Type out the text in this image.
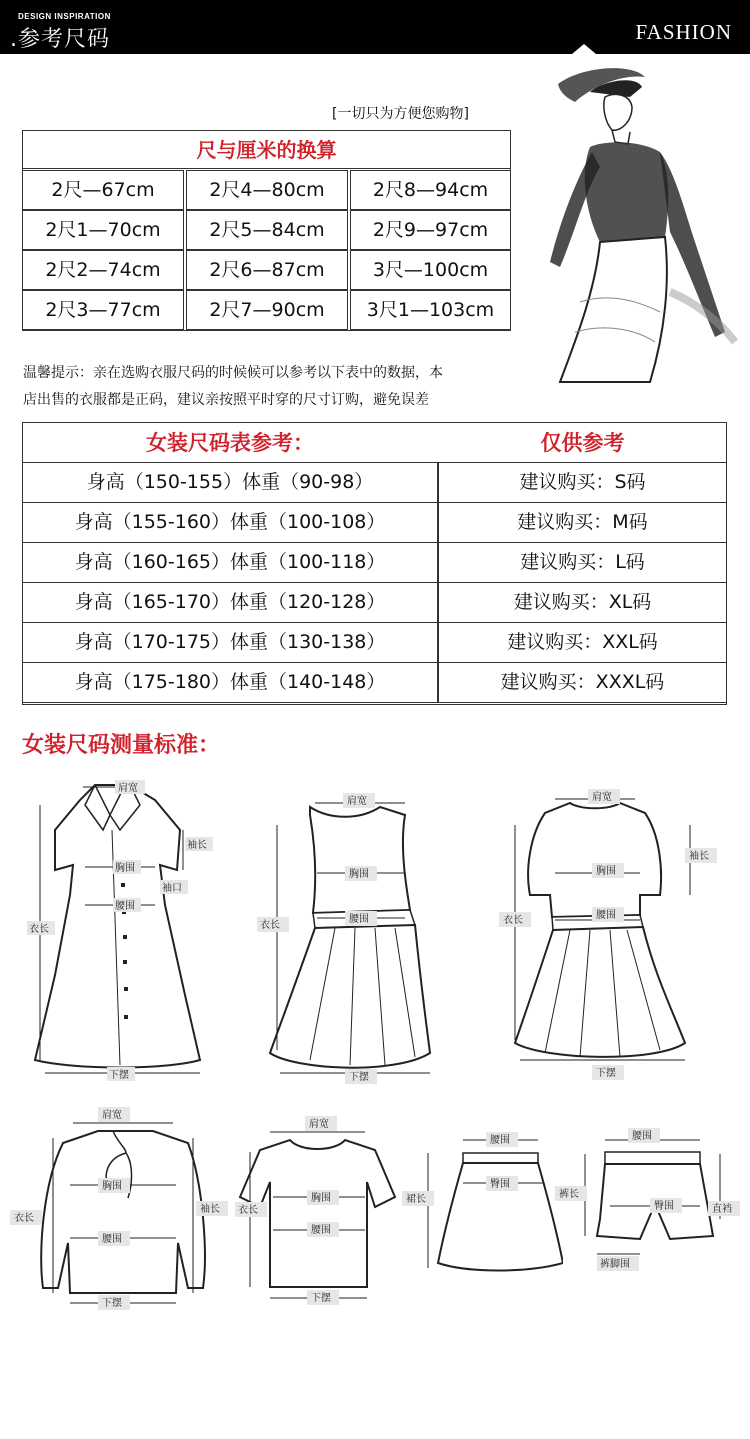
DESIGN INSPIRATION
.参考尺码	FASHION
[一切只为方便您购物]
尺与厘米的换算
2尺—67cm	2尺4—80cm	2尺8—94cm
2尺1—70cm	2尺5—84cm	2尺9—97cm
2尺2—74cm	2尺6—87cm	3尺—100cm
2尺3—77cm	2尺7—90cm	3尺1—103cm
温馨提示：亲在选购衣服尺码的时候候可以参考以下表中的数据，本
店出售的衣服都是正码，建议亲按照平时穿的尺寸订购，避免误差
女装尺码表参考：	仅供参考
身高（150-155）体重（90-98）	建议购买：S码
身高（155-160）体重（100-108）	建议购买：M码
身高（160-165）体重（100-118）	建议购买：L码
身高（165-170）体重（120-128）	建议购买：XL码
身高（170-175）体重（130-138）	建议购买：XXL码
身高（175-180）体重（140-148）	建议购买：XXXL码
女装尺码测量标准：
肩宽
袖长
胸围
袖口
腰围
衣长
下摆
肩宽
胸围
腰围
衣长
下摆
肩宽
胸围
腰围
袖长
衣长
下摆
肩宽
胸围
腰围
衣长
袖长
下摆
肩宽
胸围
腰围
衣长
下摆
腰围
臀围
裙长
腰围
臀围
裤长
直裆
裤脚围
